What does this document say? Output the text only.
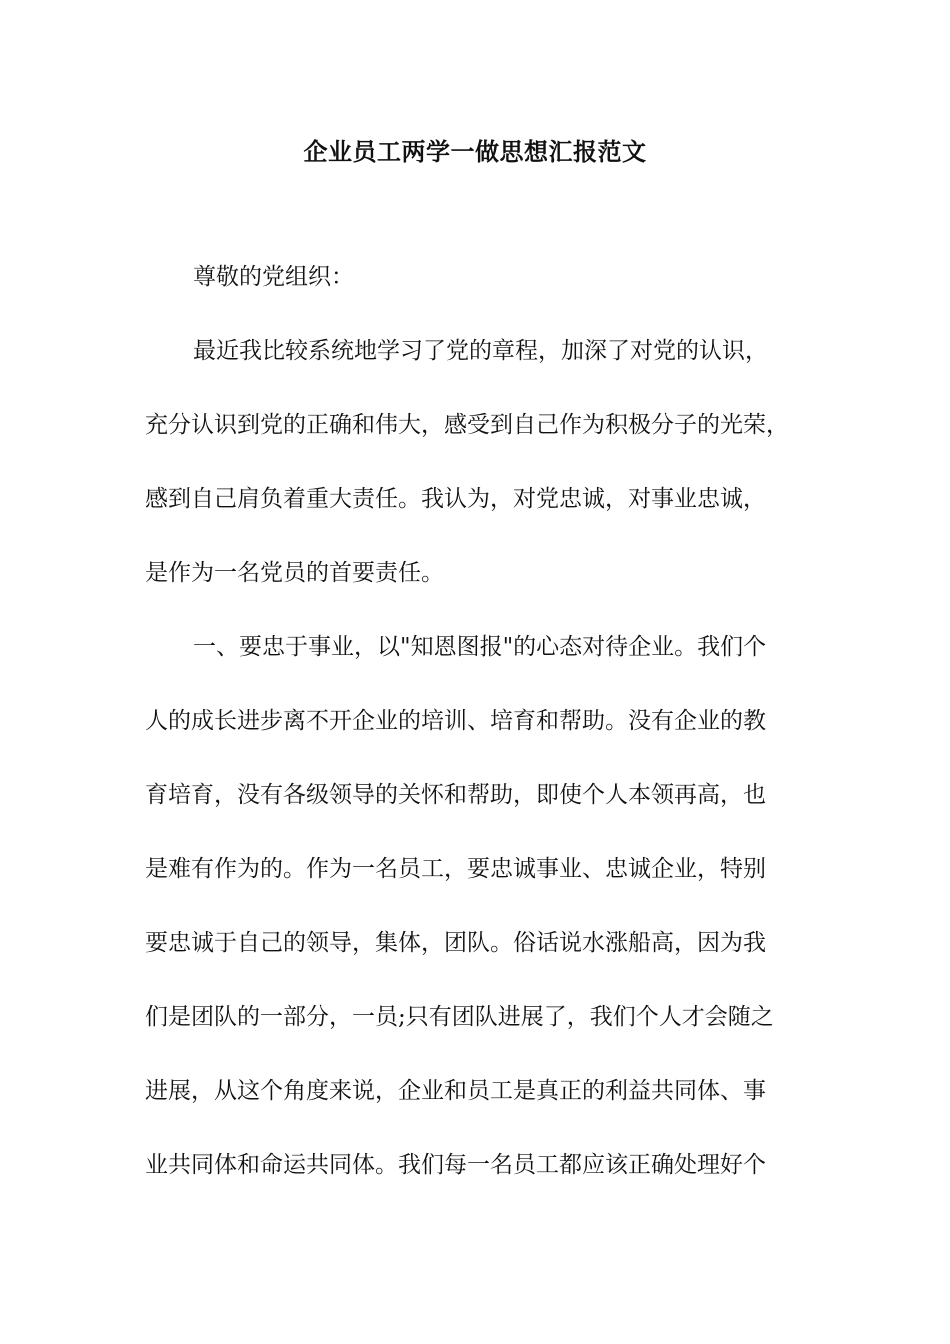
企业员工两学一做思想汇报范文
尊敬的党组织：
最近我比较系统地学习了党的章程，加深了对党的认识，
充分认识到党的正确和伟大，感受到自己作为积极分子的光荣，
感到自己肩负着重大责任。我认为，对党忠诚，对事业忠诚，
是作为一名党员的首要责任。
一、要忠于事业，以"知恩图报"的心态对待企业。我们个
人的成长进步离不开企业的培训、培育和帮助。没有企业的教
育培育，没有各级领导的关怀和帮助，即使个人本领再高，也
是难有作为的。作为一名员工，要忠诚事业、忠诚企业，特别
要忠诚于自己的领导，集体，团队。俗话说水涨船高，因为我
们是团队的一部分，一员;只有团队进展了，我们个人才会随之
进展，从这个角度来说，企业和员工是真正的利益共同体、事
业共同体和命运共同体。我们每一名员工都应该正确处理好个
